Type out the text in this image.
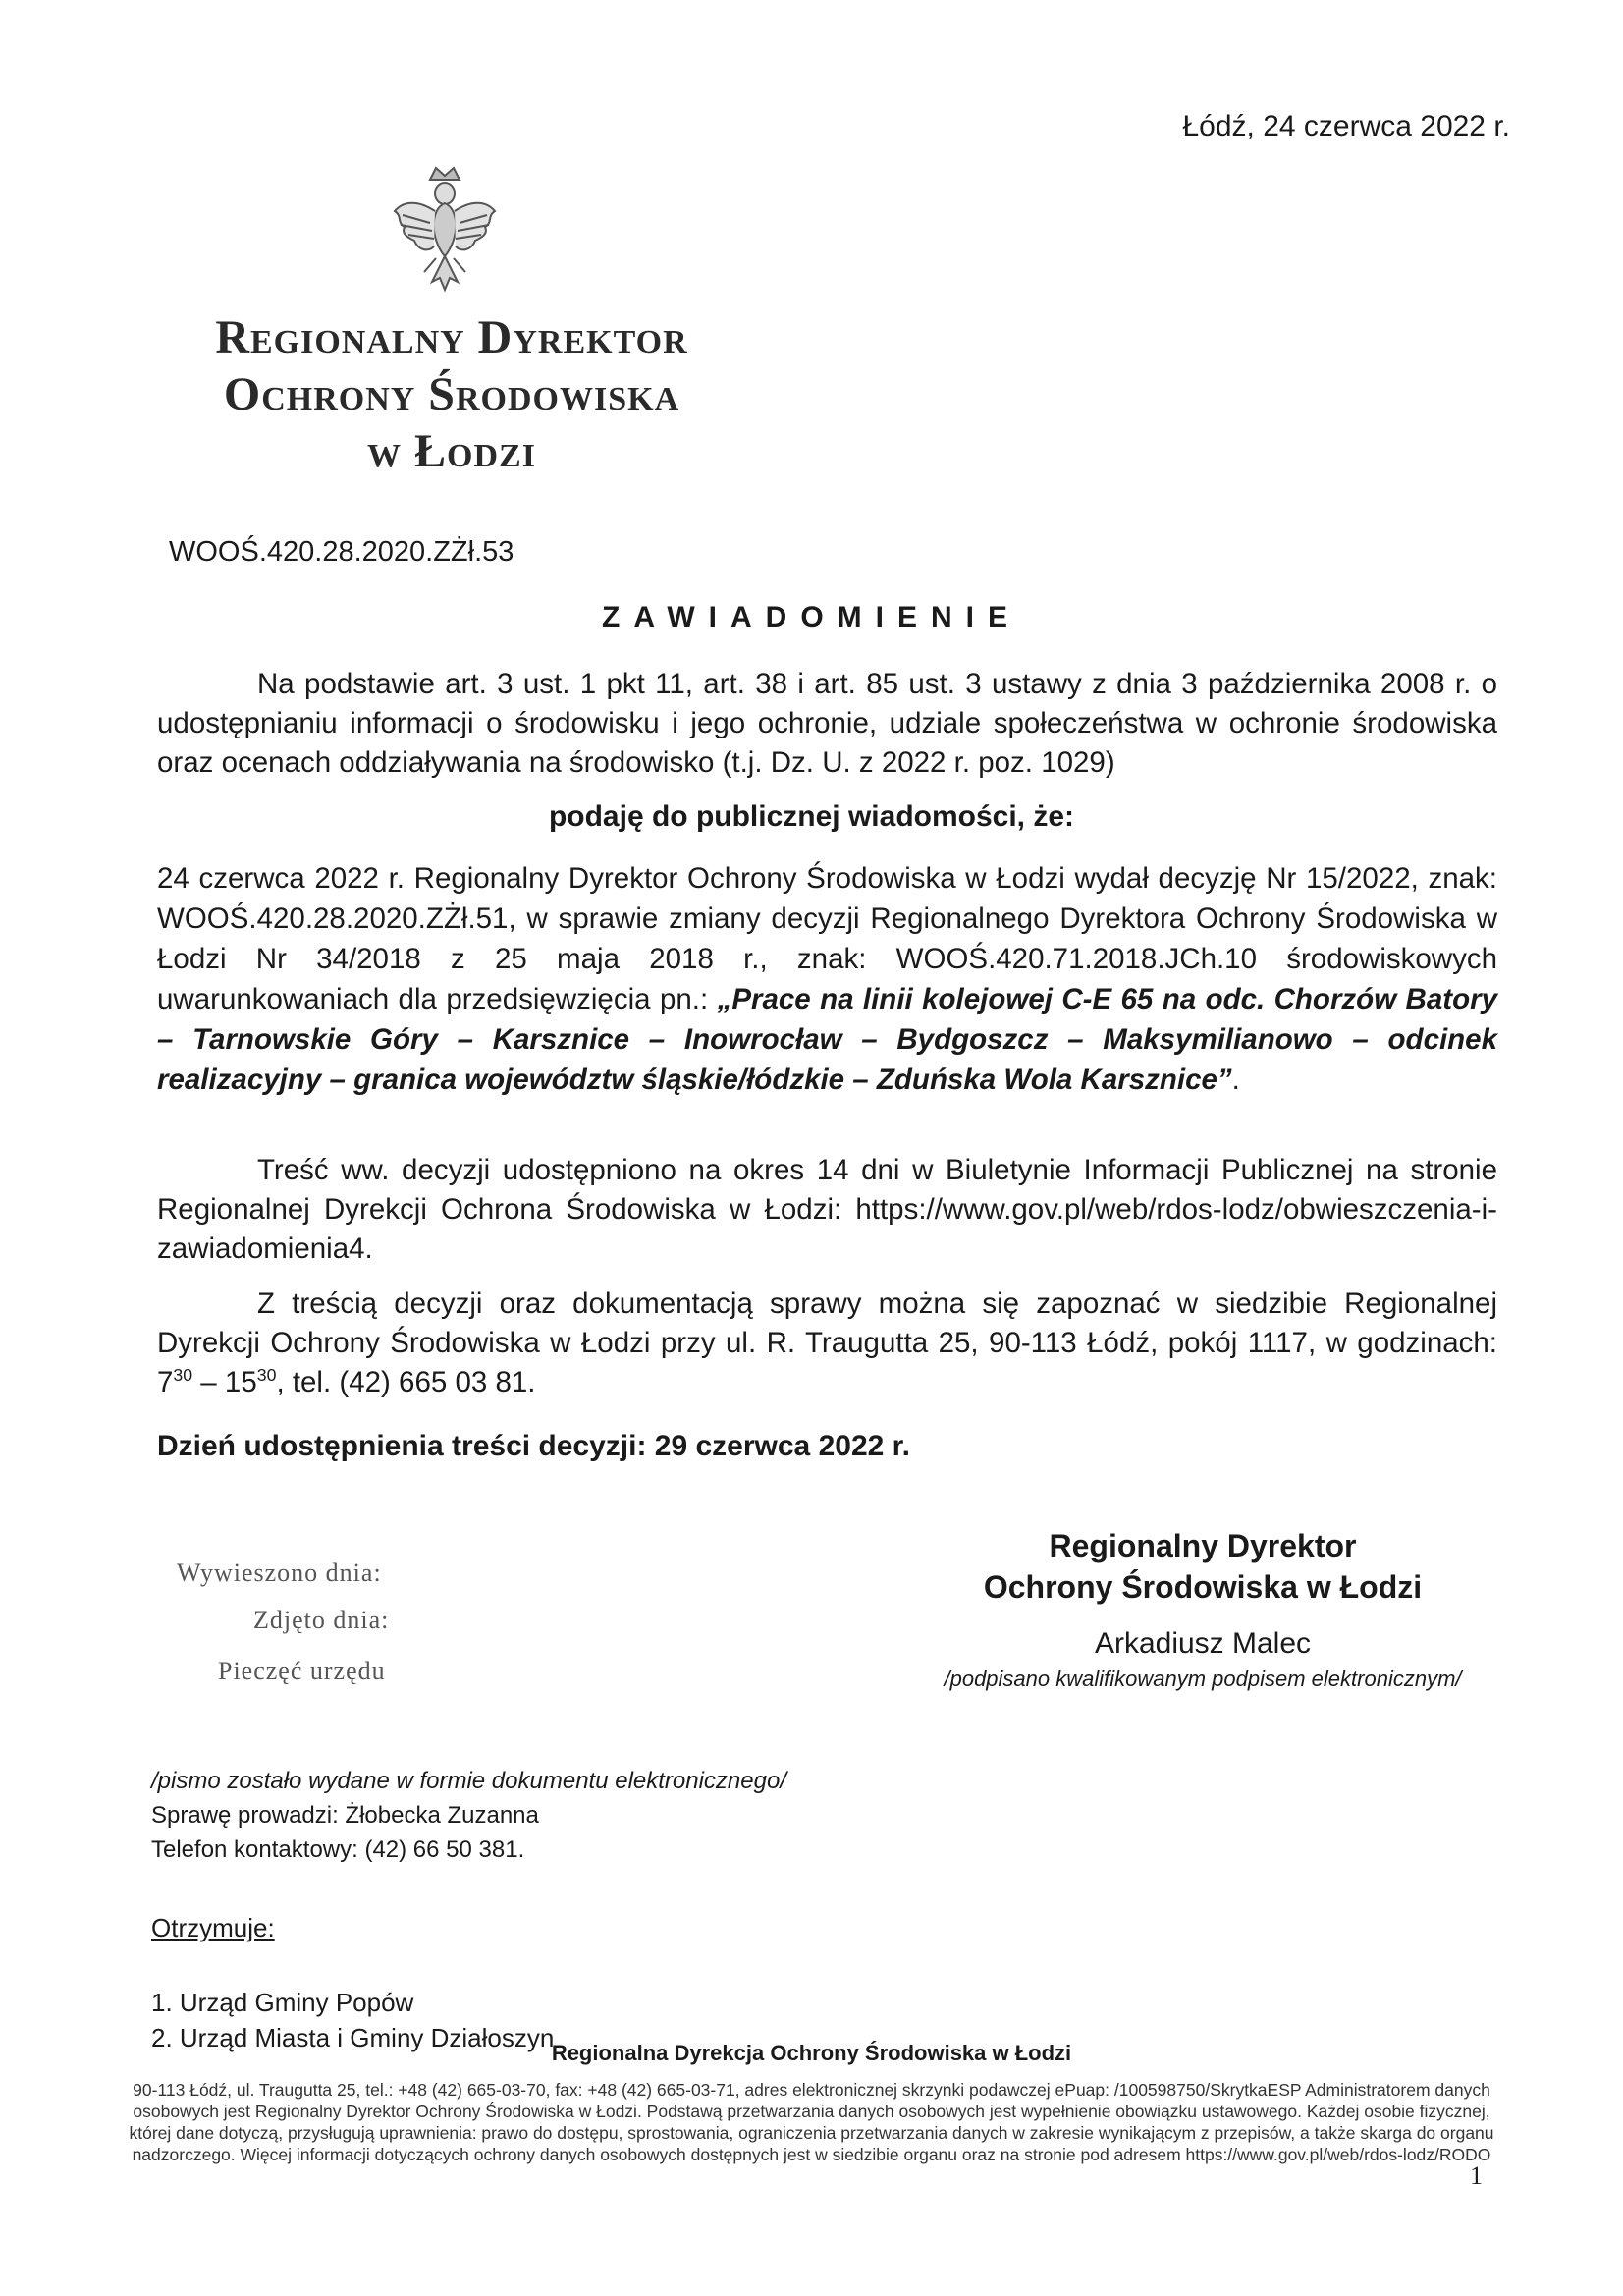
Łódź, 24 czerwca 2022 r.
Regionalny Dyrektor
Ochrony Środowiska
w Łodzi
WOOŚ.420.28.2020.ZŻł.53
ZAWIADOMIENIE
Na podstawie art. 3 ust. 1 pkt 11, art. 38 i art. 85 ust. 3 ustawy z dnia 3 października 2008 r. o udostępnianiu informacji o środowisku i jego ochronie, udziale społeczeństwa w ochronie środowiska oraz ocenach oddziaływania na środowisko (t.j. Dz. U. z 2022 r. poz. 1029)
podaję do publicznej wiadomości, że:
24 czerwca 2022 r. Regionalny Dyrektor Ochrony Środowiska w Łodzi wydał decyzję Nr 15/2022, znak: WOOŚ.420.28.2020.ZŻł.51, w sprawie zmiany decyzji Regionalnego Dyrektora Ochrony Środowiska w Łodzi Nr 34/2018 z 25 maja 2018 r., znak: WOOŚ.420.71.2018.JCh.10 środowiskowych uwarunkowaniach dla przedsięwzięcia pn.: „Prace na linii kolejowej C-E 65 na odc. Chorzów Batory – Tarnowskie Góry – Karsznice – Inowrocław – Bydgoszcz – Maksymilianowo – odcinek realizacyjny – granica województw śląskie/łódzkie – Zduńska Wola Karsznice”.
Treść ww. decyzji udostępniono na okres 14 dni w Biuletynie Informacji Publicznej na stronie Regionalnej Dyrekcji Ochrona Środowiska w Łodzi: https://www.gov.pl/web/rdos-lodz/obwieszczenia-i-zawiadomienia4.
Z treścią decyzji oraz dokumentacją sprawy można się zapoznać w siedzibie Regionalnej Dyrekcji Ochrony Środowiska w Łodzi przy ul. R. Traugutta 25, 90-113 Łódź, pokój 1117, w godzinach: $7^{30} - 15^{30}$, tel. (42) 665 03 81.
Dzień udostępnienia treści decyzji: 29 czerwca 2022 r.
Wywieszono dnia:
Zdjęto dnia:
Pieczęć urzędu
Regionalny Dyrektor
Ochrony Środowiska w Łodzi
Arkadiusz Malec
/podpisano kwalifikowanym podpisem elektronicznym/
/pismo zostało wydane w formie dokumentu elektronicznego/
Sprawę prowadzi: Żłobecka Zuzanna
Telefon kontaktowy: (42) 66 50 381.
Otrzymuje:
1. Urząd Gminy Popów
2. Urząd Miasta i Gminy Działoszyn
Regionalna Dyrekcja Ochrony Środowiska w Łodzi
90-113 Łódź, ul. Traugutta 25, tel.: +48 (42) 665-03-70, fax: +48 (42) 665-03-71, adres elektronicznej skrzynki podawczej ePuap: /100598750/SkrytkaESP Administratorem danych osobowych jest Regionalny Dyrektor Ochrony Środowiska w Łodzi. Podstawą przetwarzania danych osobowych jest wypełnienie obowiązku ustawowego. Każdej osobie fizycznej, której dane dotyczą, przysługują uprawnienia: prawo do dostępu, sprostowania, ograniczenia przetwarzania danych w zakresie wynikającym z przepisów, a także skarga do organu nadzorczego. Więcej informacji dotyczących ochrony danych osobowych dostępnych jest w siedzibie organu oraz na stronie pod adresem https://www.gov.pl/web/rdos-lodz/RODO
1
